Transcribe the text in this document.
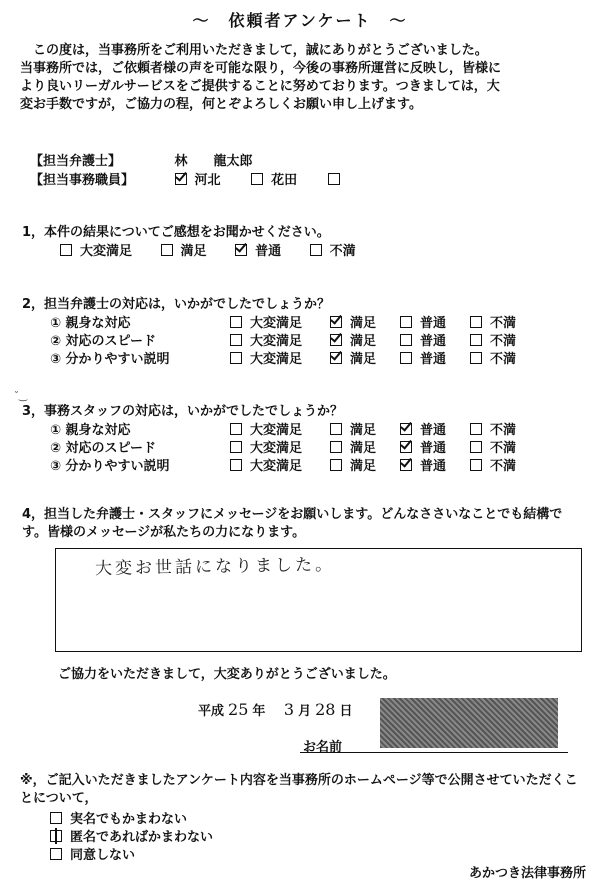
〜　依頼者アンケート　〜

　この度は，当事務所をご利用いただきまして，誠にありがとうございました。

当事務所では，ご依頼者様の声を可能な限り，今後の事務所運営に反映し，皆様に

より良いリーガルサービスをご提供することに努めております。つきましては，大

変お手数ですが，ご協力の程，何とぞよろしくお願い申し上げます。

【担当弁護士】	林　　龍太郎
【担当事務職員】	河北	花田
1，本件の結果についてご感想をお聞かせください。
大変満足	満足	普通	不満
2，担当弁護士の対応は，いかがでしたでしょうか？
① 親身な対応	大変満足	満足	普通	不満
② 対応のスピード	大変満足	満足	普通	不満
③ 分かりやすい説明	大変満足	満足	普通	不満
˘‿
3，事務スタッフの対応は，いかがでしたでしょうか？
① 親身な対応	大変満足	満足	普通	不満
② 対応のスピード	大変満足	満足	普通	不満
③ 分かりやすい説明	大変満足	満足	普通	不満
4，担当した弁護士・スタッフにメッセージをお願いします。どんなささいなことでも結構です。皆様のメッセージが私たちの力になります。
大変お世話になりました。
ご協力をいただきまして，大変ありがとうございました。
平成 25 年 3 月 28 日
お名前
※，ご記入いただきましたアンケート内容を当事務所のホームページ等で公開させていただくことについて，
実名でもかまわない
匿名であればかまわない
同意しない
あかつき法律事務所
